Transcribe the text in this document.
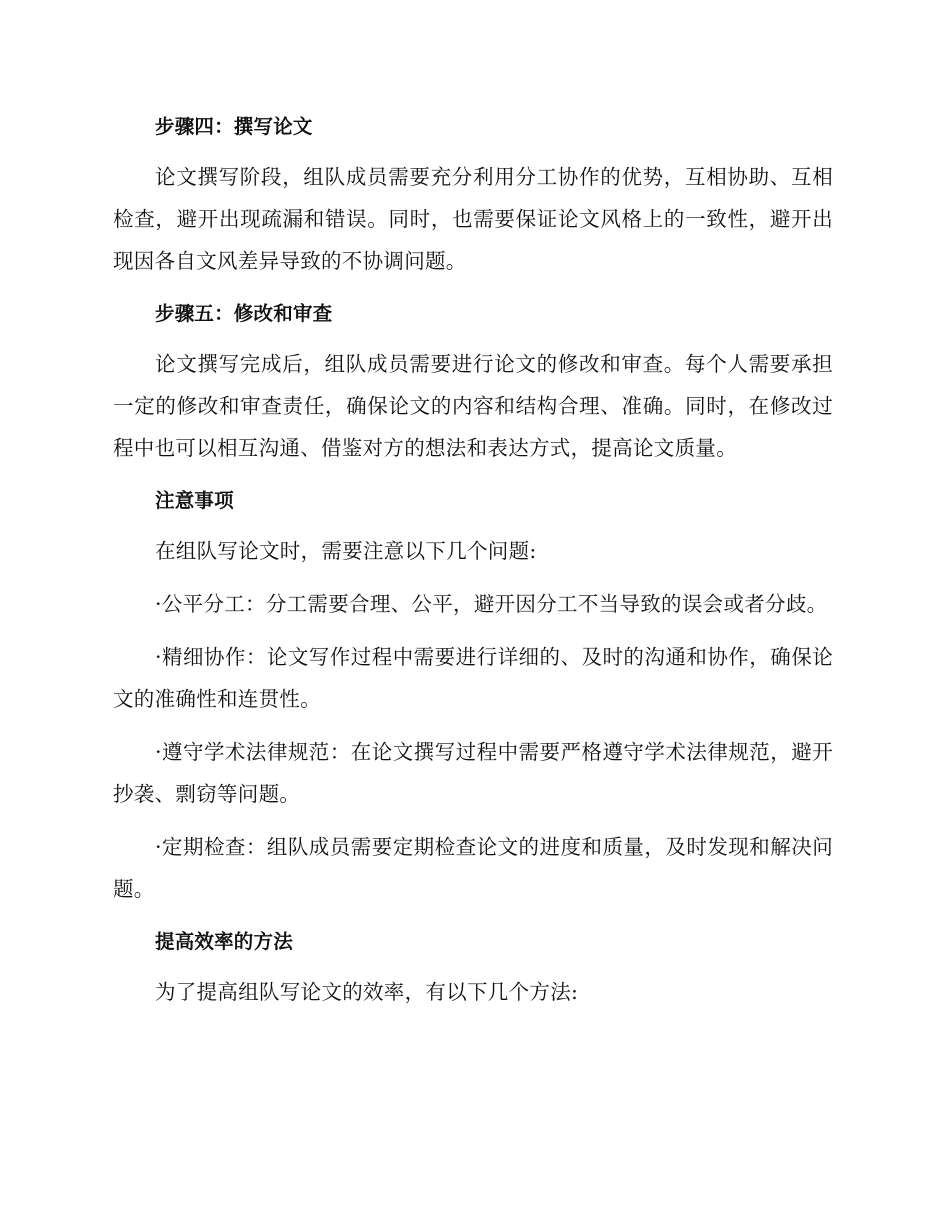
步骤四：撰写论文

论文撰写阶段，组队成员需要充分利用分工协作的优势，互相协助、互相检查，避开出现疏漏和错误。同时，也需要保证论文风格上的一致性，避开出现因各自文风差异导致的不协调问题。

步骤五：修改和审查

论文撰写完成后，组队成员需要进行论文的修改和审查。每个人需要承担一定的修改和审查责任，确保论文的内容和结构合理、准确。同时，在修改过程中也可以相互沟通、借鉴对方的想法和表达方式，提高论文质量。

注意事项

在组队写论文时，需要注意以下几个问题:

·公平分工：分工需要合理、公平，避开因分工不当导致的误会或者分歧。

·精细协作：论文写作过程中需要进行详细的、及时的沟通和协作，确保论文的准确性和连贯性。

·遵守学术法律规范：在论文撰写过程中需要严格遵守学术法律规范，避开抄袭、剽窃等问题。

·定期检查：组队成员需要定期检查论文的进度和质量，及时发现和解决问题。

提高效率的方法

为了提高组队写论文的效率，有以下几个方法:
